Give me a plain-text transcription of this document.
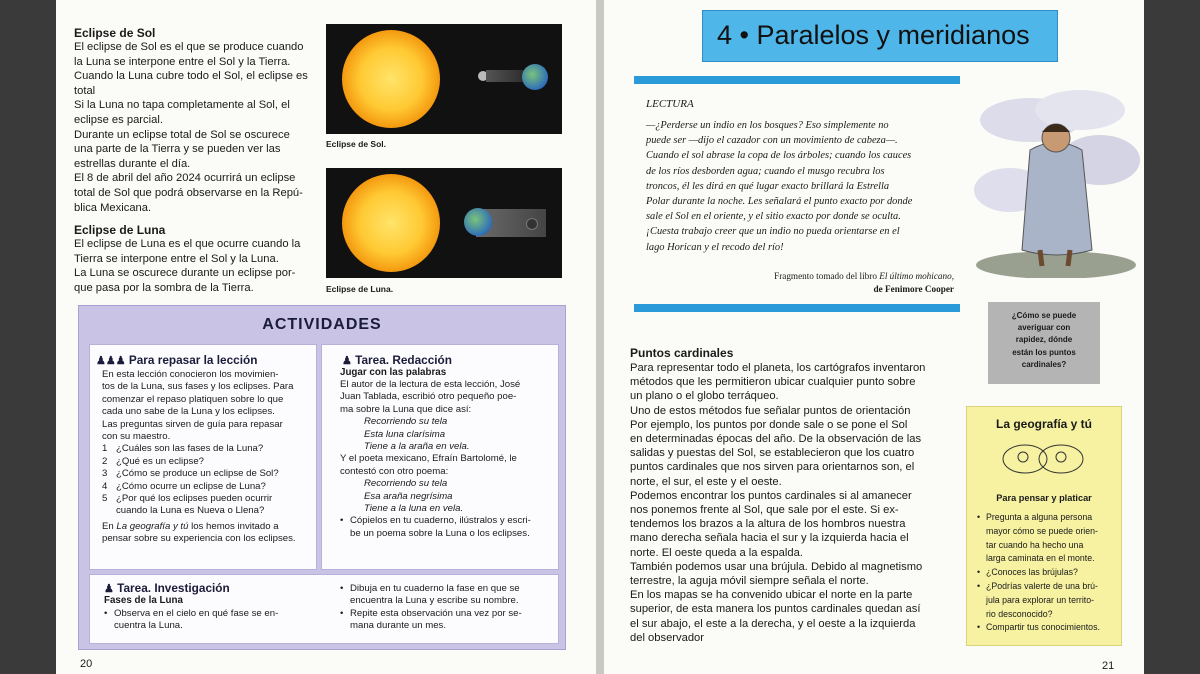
Eclipse de Sol
El eclipse de Sol es el que se produce cuando
la Luna se interpone entre el Sol y la Tierra.
Cuando la Luna cubre todo el Sol, el eclipse es
total
Si la Luna no tapa completamente al Sol, el
eclipse es parcial.
Durante un eclipse total de Sol se oscurece
una parte de la Tierra y se pueden ver las
estrellas durante el día.
El 8 de abril del año 2024 ocurrirá un eclipse
total de Sol que podrá observarse en la Repú-
blica Mexicana.
Eclipse de Luna
El eclipse de Luna es el que ocurre cuando la
Tierra se interpone entre el Sol y la Luna.
La Luna se oscurece durante un eclipse por-
que pasa por la sombra de la Tierra.
Eclipse de Sol.
Eclipse de Luna.
ACTIVIDADES
♟♟♟ Para repasar la lección
En esta lección conocieron los movimien-
tos de la Luna, sus fases y los eclipses. Para
comenzar el repaso platiquen sobre lo que
cada uno sabe de la Luna y los eclipses.
Las preguntas sirven de guía para repasar
con su maestro.
1 ¿Cuáles son las fases de la Luna?
2 ¿Qué es un eclipse?
3 ¿Cómo se produce un eclipse de Sol?
4 ¿Cómo ocurre un eclipse de Luna?
5 ¿Por qué los eclipses pueden ocurrir
cuando la Luna es Nueva o Llena?
En La geografía y tú los hemos invitado a
pensar sobre su experiencia con los eclipses.
♟ Tarea. Redacción
Jugar con las palabras
El autor de la lectura de esta lección, José
Juan Tablada, escribió otro pequeño poe-
ma sobre la Luna que dice así:
Recorriendo su tela
Esta luna clarísima
Tiene a la araña en vela.
Y el poeta mexicano, Efraín Bartolomé, le
contestó con otro poema:
Recorriendo su tela
Esa araña negrísima
Tiene a la luna en vela.
• Cópielos en tu cuaderno, ilústralos y escri-
be un poema sobre la Luna o los eclipses.
♟ Tarea. Investigación
Fases de la Luna
• Observa en el cielo en qué fase se en-
cuentra la Luna.
• Dibuja en tu cuaderno la fase en que se
encuentra la Luna y escribe su nombre.
• Repite esta observación una vez por se-
mana durante un mes.
20
4 • Paralelos y meridianos
LECTURA
—¿Perderse un indio en los bosques? Eso simplemente no
puede ser —dijo el cazador con un movimiento de cabeza—.
Cuando el sol abrase la copa de los árboles; cuando los cauces
de los ríos desborden agua; cuando el musgo recubra los
troncos, él les dirá en qué lugar exacto brillará la Estrella
Polar durante la noche. Les señalará el punto exacto por donde
sale el Sol en el oriente, y el sitio exacto por donde se oculta.
¡Cuesta trabajo creer que un indio no pueda orientarse en el
lago Horican y el recodo del río!
Fragmento tomado del libro El último mohicano,
de Fenimore Cooper
¿Cómo se puede
averiguar con
rapidez, dónde
están los puntos
cardinales?
Puntos cardinales
Para representar todo el planeta, los cartógrafos inventaron
métodos que les permitieron ubicar cualquier punto sobre
un plano o el globo terráqueo.
Uno de estos métodos fue señalar puntos de orientación
Por ejemplo, los puntos por donde sale o se pone el Sol
en determinadas épocas del año. De la observación de las
salidas y puestas del Sol, se establecieron que los cuatro
puntos cardinales que nos sirven para orientarnos son, el
norte, el sur, el este y el oeste.
Podemos encontrar los puntos cardinales si al amanecer
nos ponemos frente al Sol, que sale por el este. Si ex-
tendemos los brazos a la altura de los hombros nuestra
mano derecha señala hacia el sur y la izquierda hacia el
norte. El oeste queda a la espalda.
También podemos usar una brújula. Debido al magnetismo
terrestre, la aguja móvil siempre señala el norte.
En los mapas se ha convenido ubicar el norte en la parte
superior, de esta manera los puntos cardinales quedan así
el sur abajo, el este a la derecha, y el oeste a la izquierda
del observador
La geografía y tú
Para pensar y platicar
• Pregunta a alguna persona
mayor cómo se puede orien-
tar cuando ha hecho una
larga caminata en el monte.
• ¿Conoces las brújulas?
• ¿Podrías valerte de una brú-
jula para explorar un territo-
rio desconocido?
• Compartir tus conocimientos.
21
